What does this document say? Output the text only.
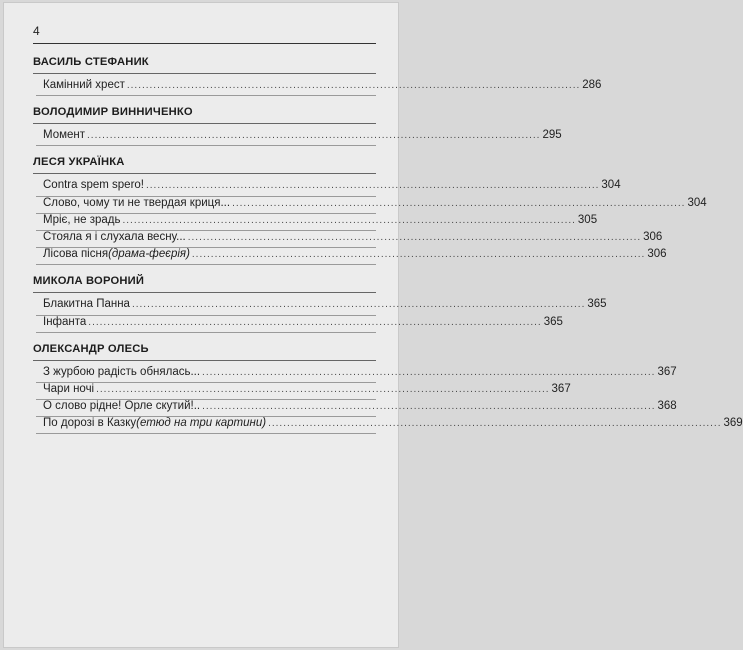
4
ВАСИЛЬ СТЕФАНИК
Камінний хрест ........................................................................................................................ 286
ВОЛОДИМИР ВИННИЧЕНКО
Момент ........................................................................................................................ 295
ЛЕСЯ УКРАЇНКА
Contra spem spero! ........................................................................................................................ 304
Слово, чому ти не твердая криця... ........................................................................................................................ 304
Мріє, не зрадь ........................................................................................................................ 305
Стояла я і слухала весну... ........................................................................................................................ 306
Лісова пісня (драма-феєрія) ........................................................................................................................ 306
МИКОЛА ВОРОНИЙ
Блакитна Панна ........................................................................................................................ 365
Інфанта ........................................................................................................................ 365
ОЛЕКСАНДР ОЛЕСЬ
З журбою радість обнялась... ........................................................................................................................ 367
Чари ночі ........................................................................................................................ 367
О слово рідне! Орле скутий!.. ........................................................................................................................ 368
По дорозі в Казку (етюд на три картини) ........................................................................................................................ 369
